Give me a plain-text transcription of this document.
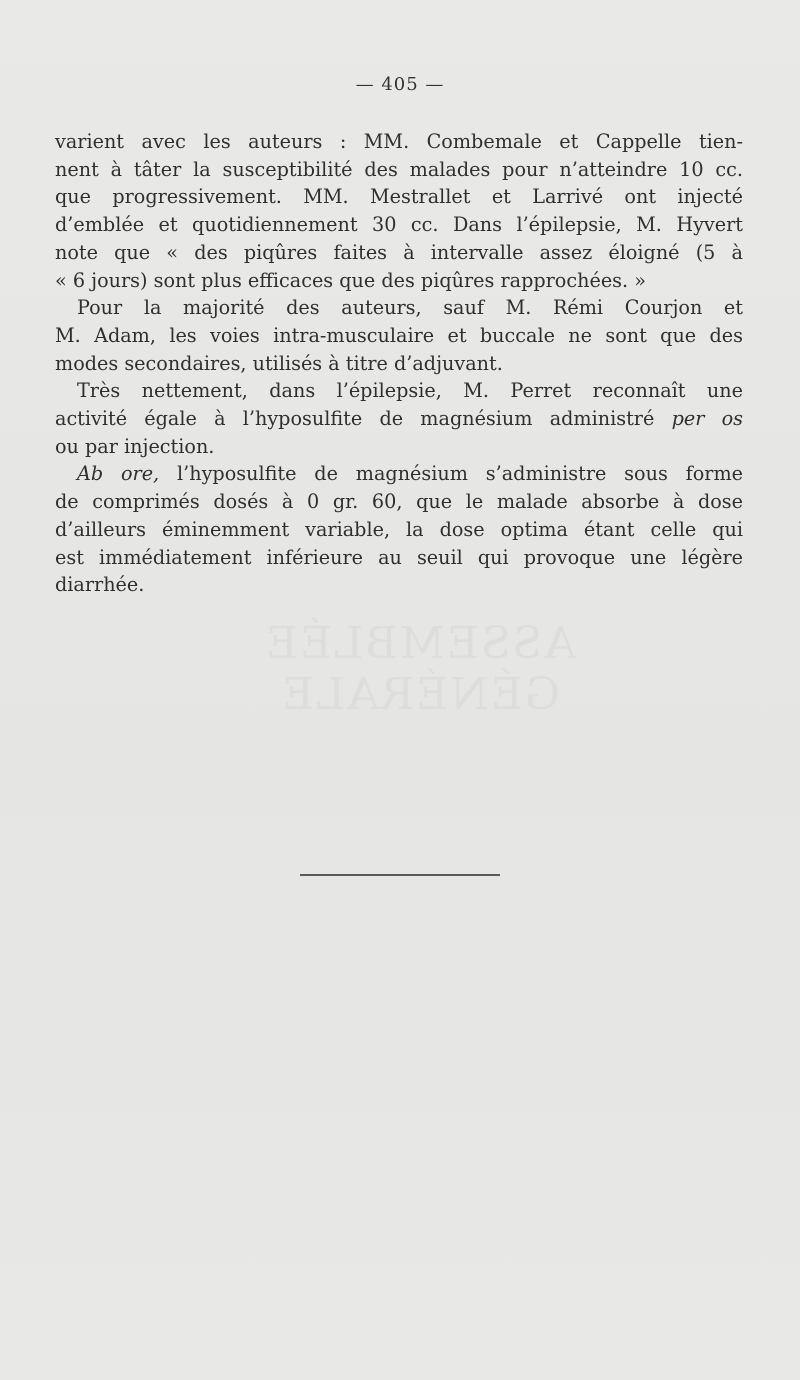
— 405 —
ASSEMBLÉE GÉNÉRALE

varient avec les auteurs : MM. Combemale et Cappelle tien-
nent à tâter la susceptibilité des malades pour n’atteindre 10 cc.
que progressivement. MM. Mestrallet et Larrivé ont injecté
d’emblée et quotidiennement 30 cc. Dans l’épilepsie, M. Hyvert
note que « des piqûres faites à intervalle assez éloigné (5 à
« 6 jours) sont plus efficaces que des piqûres rapprochées. »

Pour la majorité des auteurs, sauf M. Rémi Courjon et
M. Adam, les voies intra-musculaire et buccale ne sont que des
modes secondaires, utilisés à titre d’adjuvant.

Très nettement, dans l’épilepsie, M. Perret reconnaît une
activité égale à l’hyposulfite de magnésium administré per os
ou par injection.

Ab ore, l’hyposulfite de magnésium s’administre sous forme
de comprimés dosés à 0 gr. 60, que le malade absorbe à dose
d’ailleurs éminemment variable, la dose optima étant celle qui
est immédiatement inférieure au seuil qui provoque une légère
diarrhée.
